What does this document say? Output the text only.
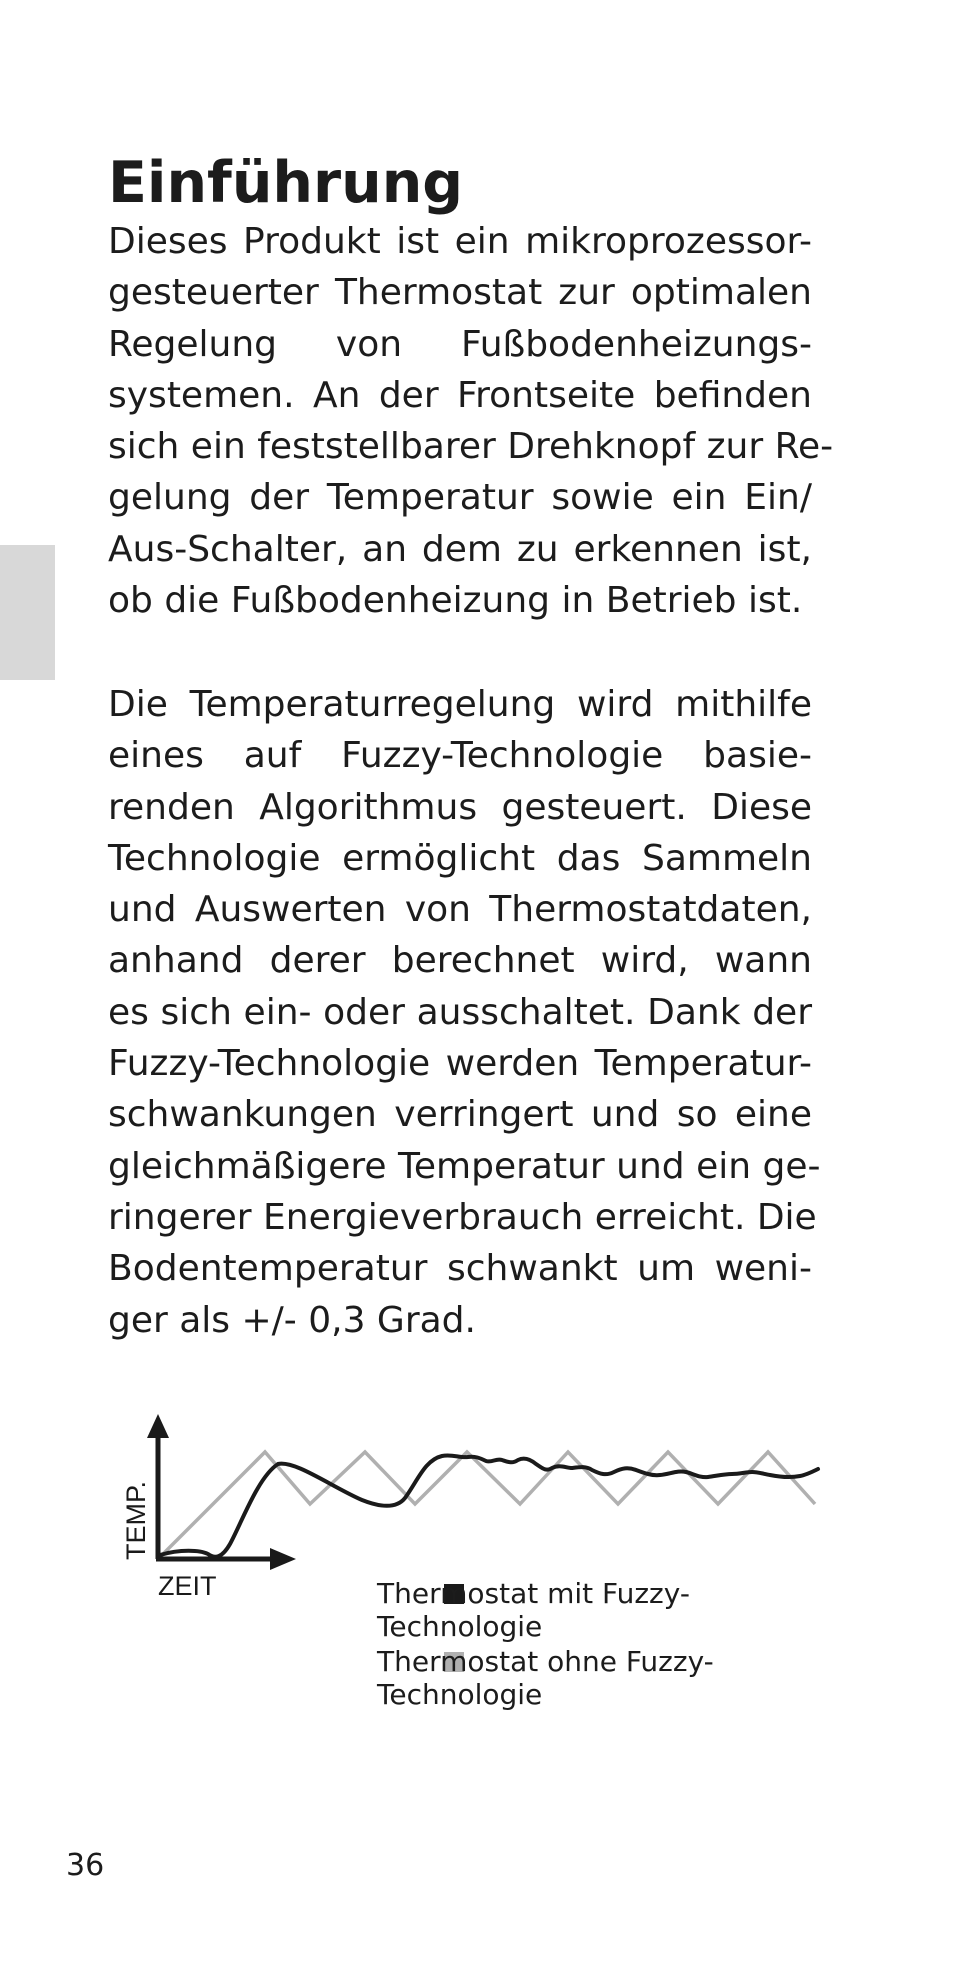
Einführung
Dieses Produkt ist ein mikroprozessor-
gesteuerter Thermostat zur optimalen
Regelung von Fußbodenheizungs-
systemen. An der Frontseite befinden
sich ein feststellbarer Drehknopf zur Re-
gelung der Temperatur sowie ein Ein/
Aus-Schalter, an dem zu erkennen ist,
ob die Fußbodenheizung in Betrieb ist.
Die Temperaturregelung wird mithilfe
eines auf Fuzzy-Technologie basie-
renden Algorithmus gesteuert. Diese
Technologie ermöglicht das Sammeln
und Auswerten von Thermostatdaten,
anhand derer berechnet wird, wann
es sich ein- oder ausschaltet. Dank der
Fuzzy-Technologie werden Temperatur-
schwankungen verringert und so eine
gleichmäßigere Temperatur und ein ge-
ringerer Energieverbrauch erreicht. Die
Bodentemperatur schwankt um weni-
ger als +/- 0,3 Grad.
TEMP.
ZEIT	Thermostat mit Fuzzy-
Technologie
Thermostat ohne Fuzzy-
Technologie
36
